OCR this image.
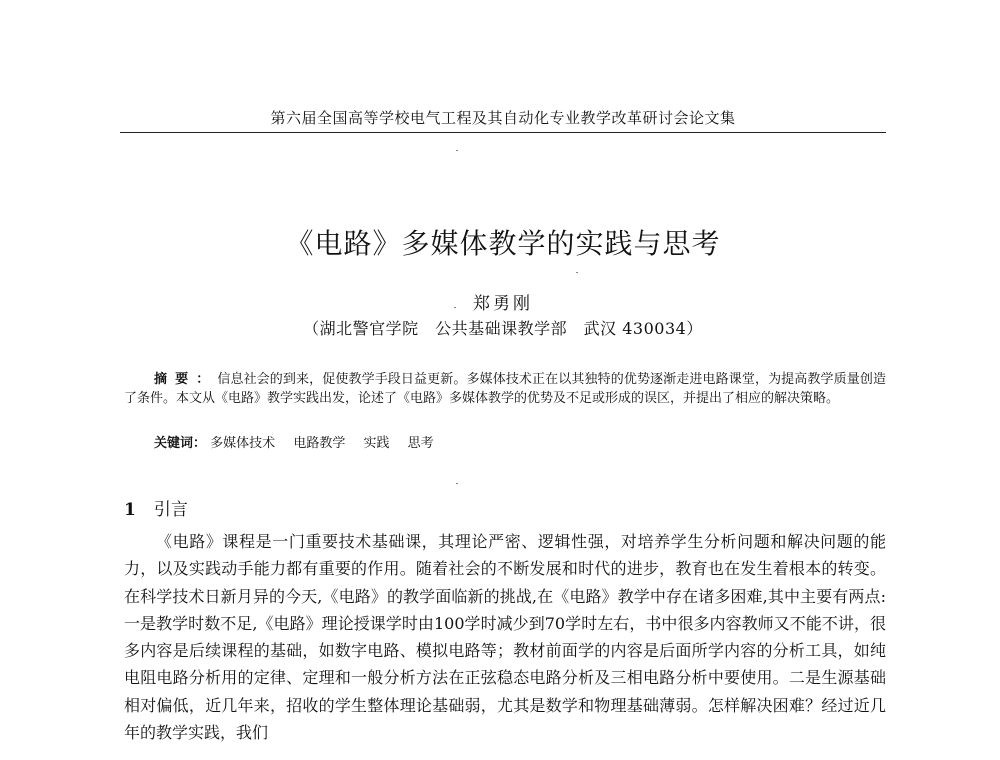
第六届全国高等学校电气工程及其自动化专业教学改革研讨会论文集
《电路》多媒体教学的实践与思考
郑勇刚
（湖北警官学院　公共基础课教学部　武汉 430034）
摘要：信息社会的到来，促使教学手段日益更新。多媒体技术正在以其独特的优势逐渐走进电路课堂，为提高教学质量创造了条件。本文从《电路》教学实践出发，论述了《电路》多媒体教学的优势及不足或形成的误区，并提出了相应的解决策略。
关键词： 多媒体技术 电路教学 实践 思考
1 引言
《电路》课程是一门重要技术基础课，其理论严密、逻辑性强，对培养学生分析问题和解决问题的能力，以及实践动手能力都有重要的作用。随着社会的不断发展和时代的进步，教育也在发生着根本的转变。在科学技术日新月异的今天,《电路》的教学面临新的挑战,在《电路》教学中存在诸多困难,其中主要有两点:一是教学时数不足,《电路》理论授课学时由100学时减少到70学时左右，书中很多内容教师又不能不讲，很多内容是后续课程的基础，如数字电路、模拟电路等；教材前面学的内容是后面所学内容的分析工具，如纯电阻电路分析用的定律、定理和一般分析方法在正弦稳态电路分析及三相电路分析中要使用。二是生源基础相对偏低，近几年来，招收的学生整体理论基础弱，尤其是数学和物理基础薄弱。怎样解决困难？经过近几年的教学实践，我们
